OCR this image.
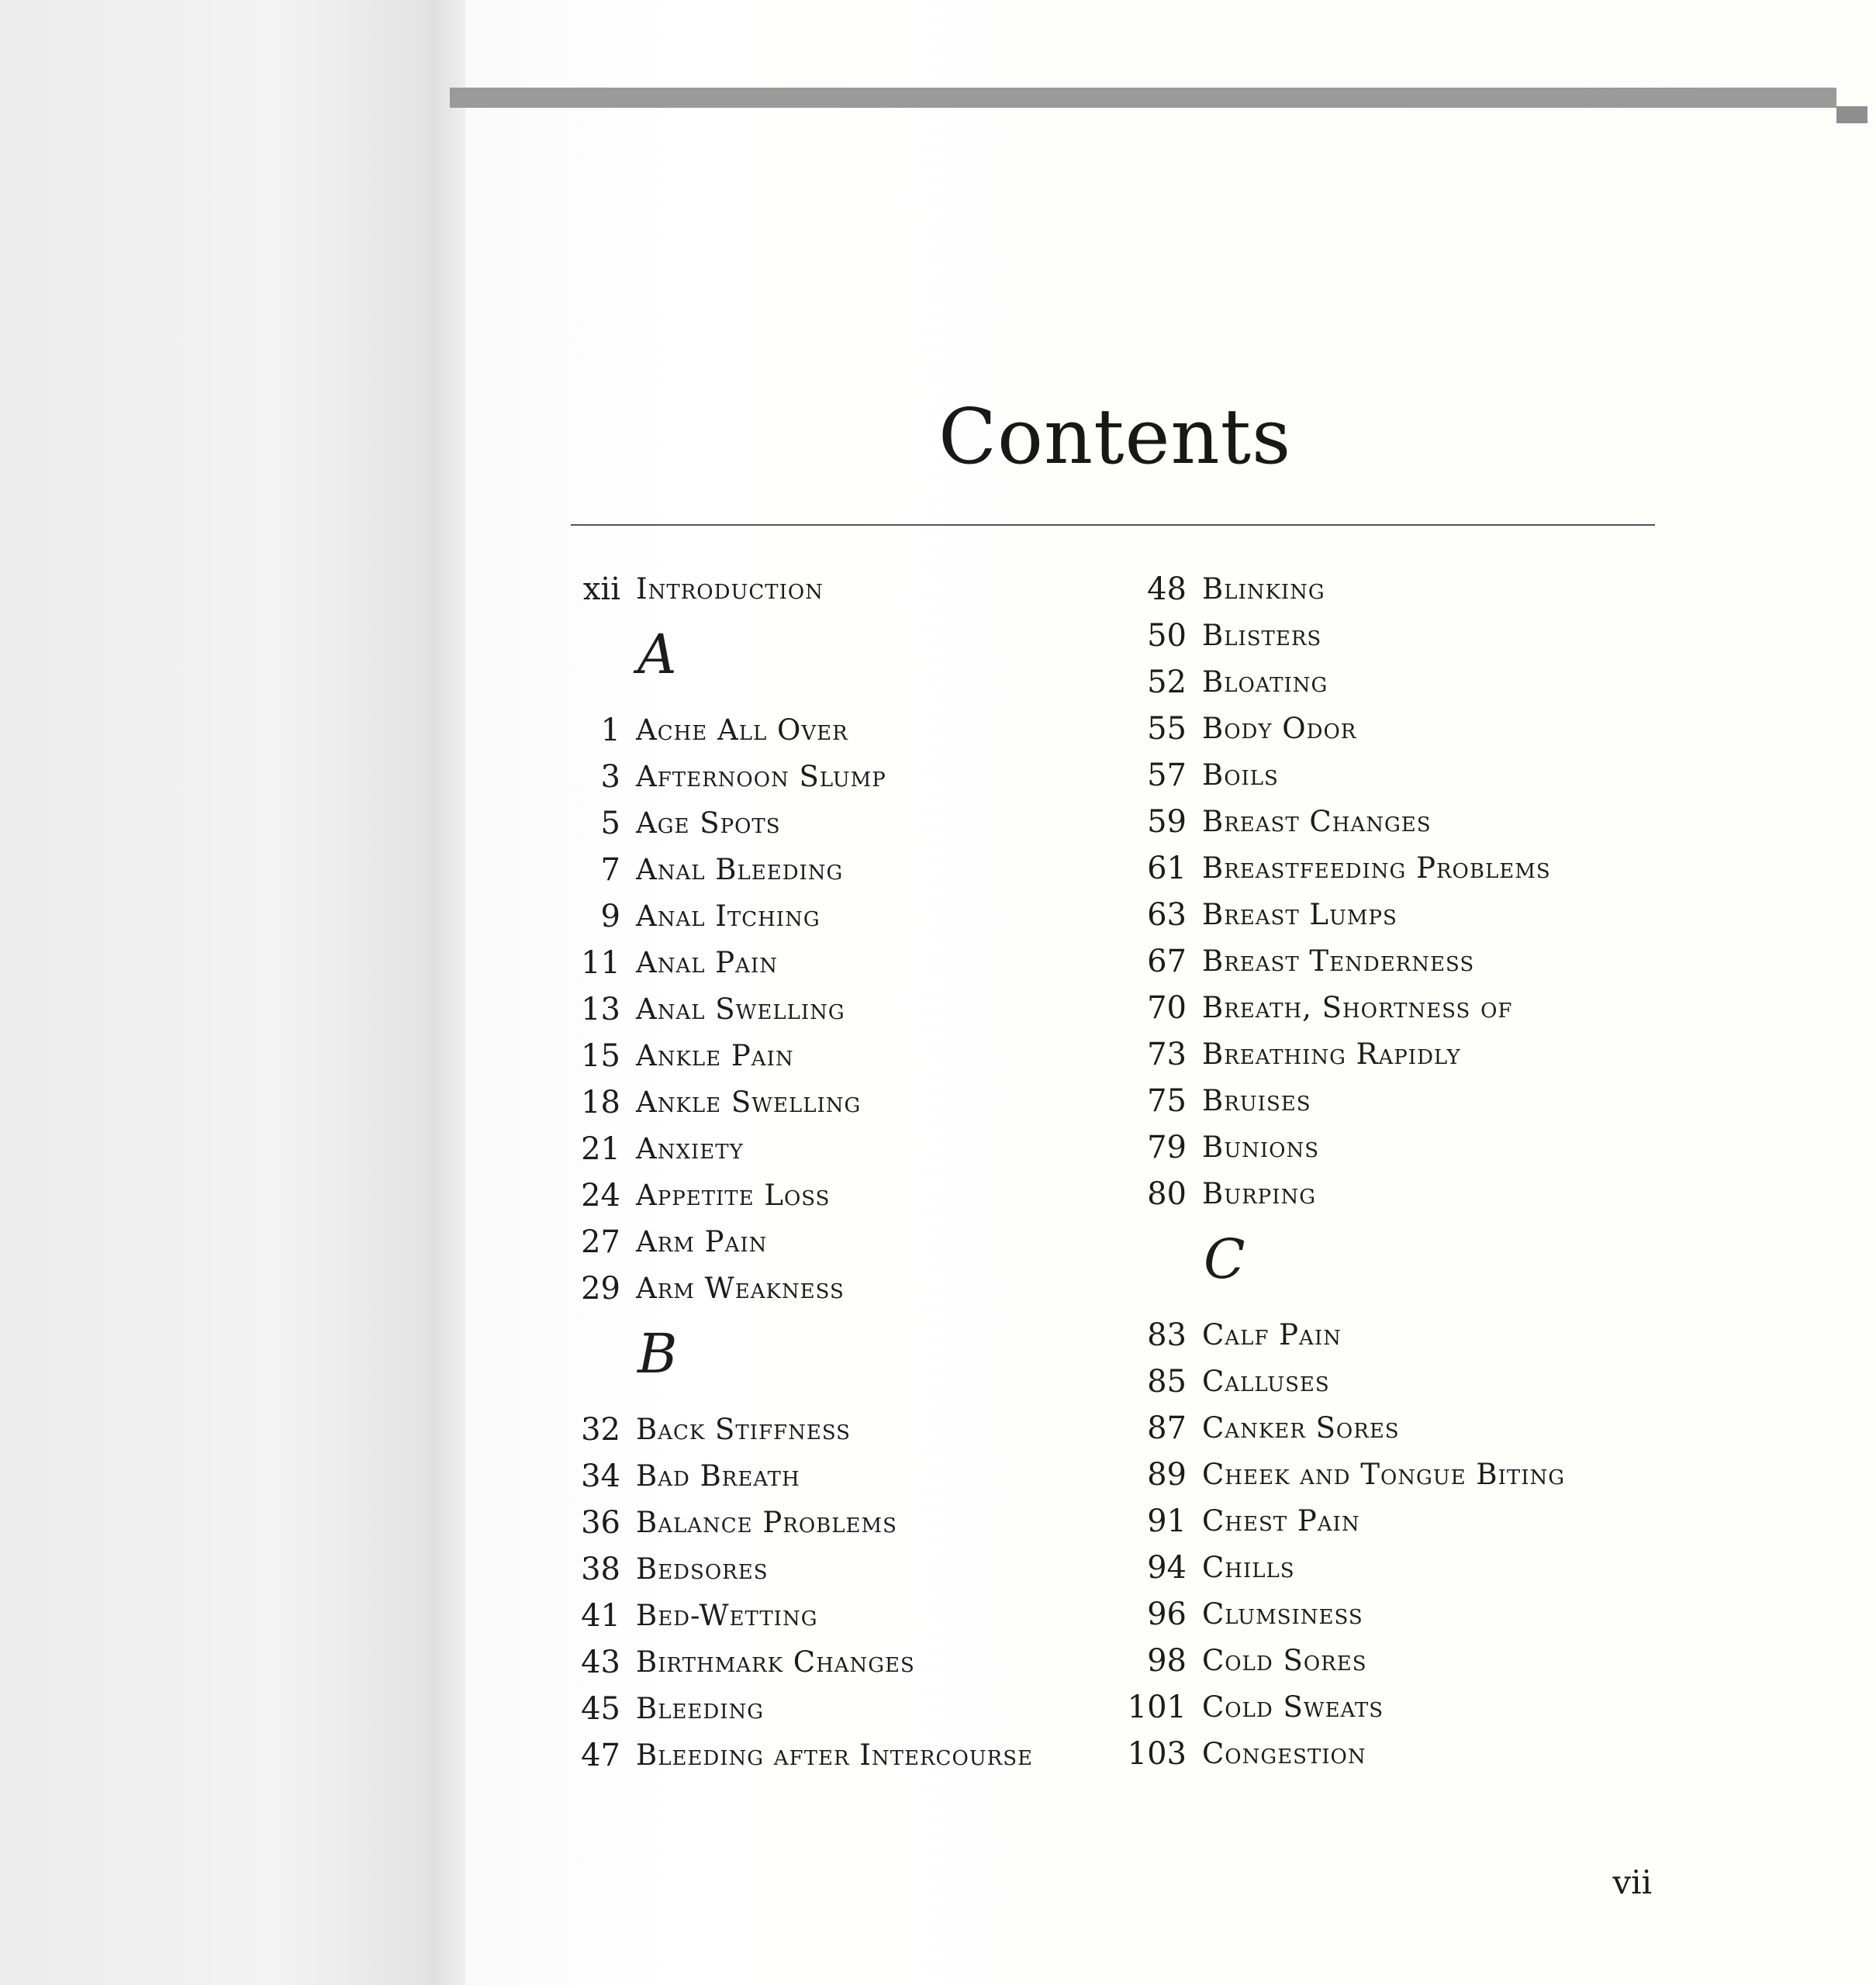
Contents
xii Introduction
A
1 Ache All Over
3 Afternoon Slump
5 Age Spots
7 Anal Bleeding
9 Anal Itching
11 Anal Pain
13 Anal Swelling
15 Ankle Pain
18 Ankle Swelling
21 Anxiety
24 Appetite Loss
27 Arm Pain
29 Arm Weakness
B
32 Back Stiffness
34 Bad Breath
36 Balance Problems
38 Bedsores
41 Bed-Wetting
43 Birthmark Changes
45 Bleeding
47 Bleeding after Intercourse
48 Blinking
50 Blisters
52 Bloating
55 Body Odor
57 Boils
59 Breast Changes
61 Breastfeeding Problems
63 Breast Lumps
67 Breast Tenderness
70 Breath, Shortness of
73 Breathing Rapidly
75 Bruises
79 Bunions
80 Burping
C
83 Calf Pain
85 Calluses
87 Canker Sores
89 Cheek and Tongue Biting
91 Chest Pain
94 Chills
96 Clumsiness
98 Cold Sores
101 Cold Sweats
103 Congestion
vii
